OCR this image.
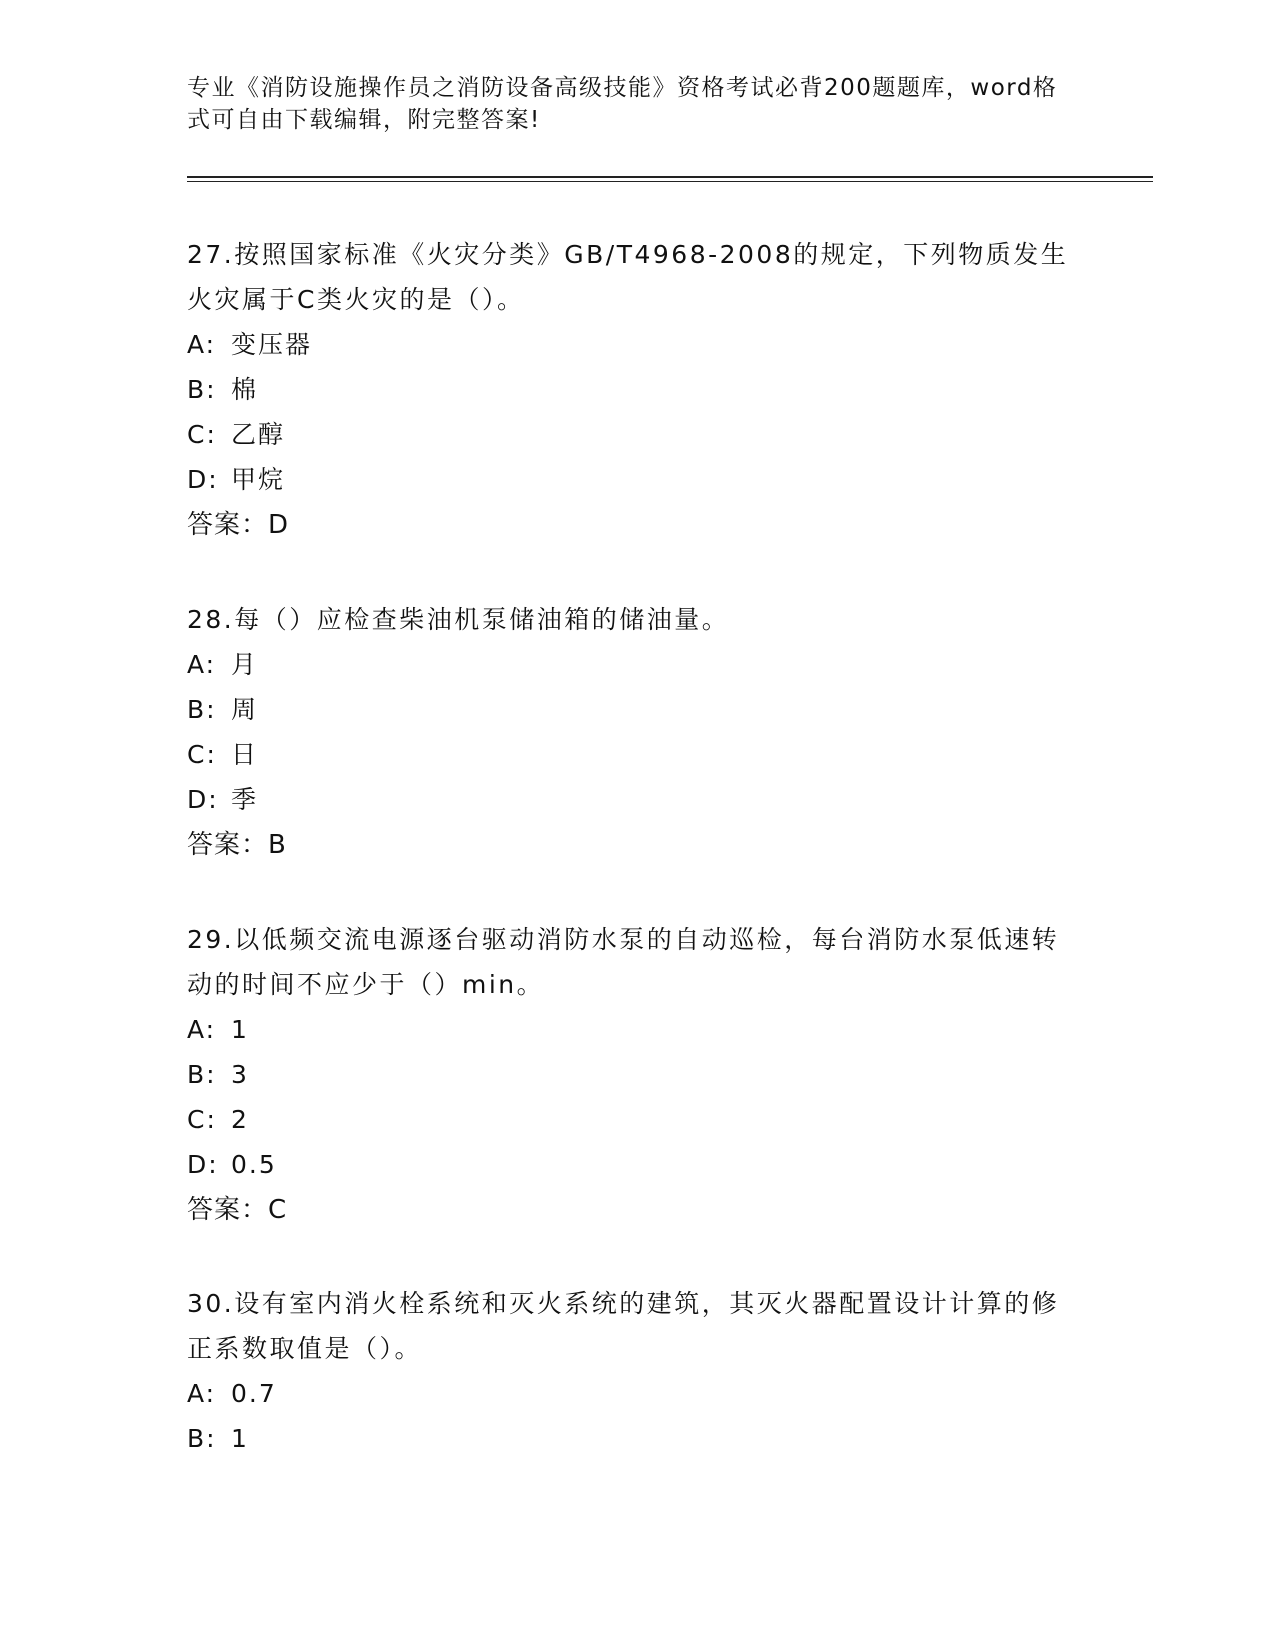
专业《消防设施操作员之消防设备高级技能》资格考试必背200题题库，word格式可自由下载编辑，附完整答案!

27.按照国家标准《火灾分类》GB/T4968-2008的规定，下列物质发生火灾属于C类火灾的是（）。

A: 变压器

B: 棉

C: 乙醇

D: 甲烷

答案：D

28.每（）应检查柴油机泵储油箱的储油量。

A: 月

B: 周

C: 日

D: 季

答案：B

29.以低频交流电源逐台驱动消防水泵的自动巡检，每台消防水泵低速转动的时间不应少于（）min。

A: 1

B: 3

C: 2

D: 0.5

答案：C

30.设有室内消火栓系统和灭火系统的建筑，其灭火器配置设计计算的修正系数取值是（）。

A: 0.7

B: 1
